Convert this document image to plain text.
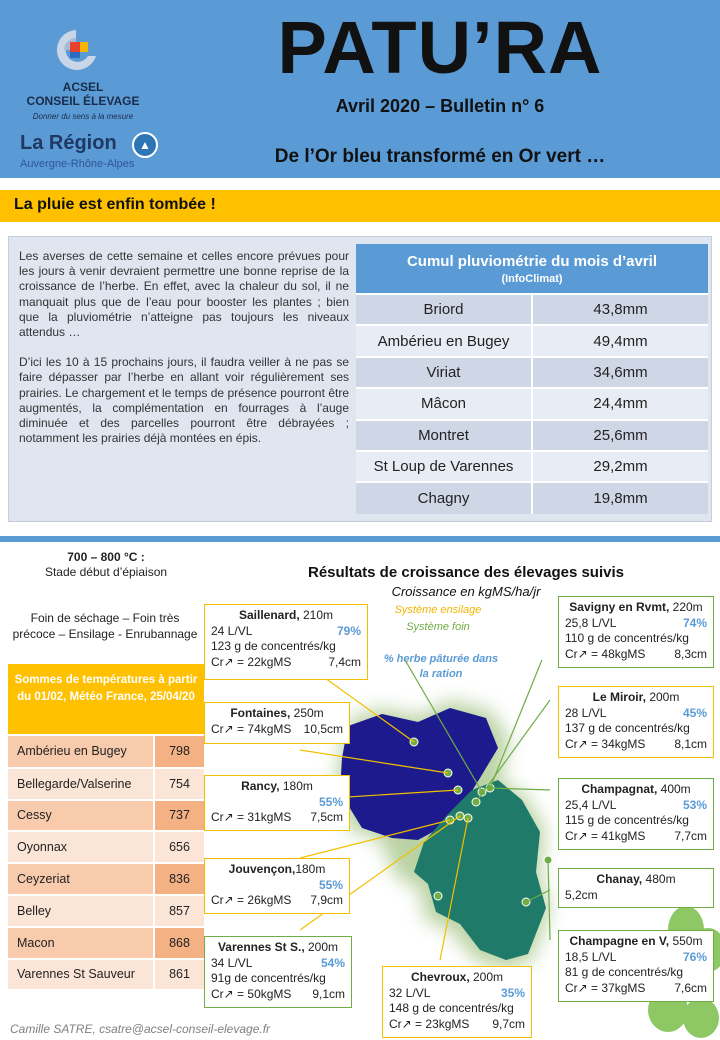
ACSEL
CONSEIL ÉLEVAGE
Donner du sens à la mesure
La Région	▲
Auvergne-Rhône-Alpes
PATU’RA
Avril 2020 – Bulletin n° 6
De l’Or bleu transformé en Or vert …
La pluie est enfin tombée !

Les averses de cette semaine et celles encore prévues pour les jours à venir devraient permettre une bonne reprise de la croissance de l’herbe. En effet, avec la chaleur du sol, il ne manquait plus que de l’eau pour booster les plantes ; bien que la pluviométrie n’atteigne pas toujours les niveaux attendus …

D’ici les 10 à 15 prochains jours, il faudra veiller à ne pas se faire dépasser par l’herbe en allant voir régulièrement ses prairies. Le chargement et le temps de présence pourront être augmentés, la complémentation en fourrages à l’auge diminuée et des parcelles pourront être débrayées ; notamment les prairies déjà montées en épis.

Cumul pluviométrie du mois d’avril
(InfoClimat)	

Briord	43,8mm
Ambérieu en Bugey	49,4mm
Viriat	34,6mm
Mâcon	24,4mm
Montret	25,6mm
St Loup de Varennes	29,2mm
Chagny	19,8mm
700 – 800 °C :
Stade début d’épiaison
Foin de séchage – Foin très précoce – Ensilage - Enrubannage
Sommes de températures à partir du 01/02, Météo France, 25/04/20
Ambérieu en Bugey	798
Bellegarde/Valserine	754
Cessy	737
Oyonnax	656
Ceyzeriat	836
Belley	857
Macon	868
Varennes St Sauveur	861
Camille SATRE, csatre@acsel-conseil-elevage.fr
Résultats de croissance des élevages suivis
Croissance en kgMS/ha/jr
Système ensilage
Système foin
% herbe pâturée dans la ration
Saillenard, 210m
24 L/VL	79%
123 g de concentrés/kg
Cr↗ = 22kgMS	7,4cm
Fontaines, 250m
Cr↗ = 74kgMS 10,5cm
Rancy, 180m
55%
Cr↗ = 31kgMS 7,5cm
Jouvençon,180m
55%
Cr↗ = 26kgMS 7,9cm
Varennes St S., 200m
34 L/VL	54%
91g de concentrés/kg
Cr↗ = 50kgMS 9,1cm
Chevroux, 200m
32 L/VL	35%
148 g de concentrés/kg
Cr↗ = 23kgMS 9,7cm
Savigny en Rvmt, 220m
25,8 L/VL	74%
110 g de concentrés/kg
Cr↗ = 48kgMS 8,3cm
Le Miroir, 200m
28 L/VL	45%
137 g de concentrés/kg
Cr↗ = 34kgMS 8,1cm
Champagnat, 400m
25,4 L/VL	53%
115 g de concentrés/kg
Cr↗ = 41kgMS 7,7cm
Chanay, 480m
5,2cm
Champagne en V, 550m
18,5 L/VL	76%
81 g de concentrés/kg
Cr↗ = 37kgMS 7,6cm
